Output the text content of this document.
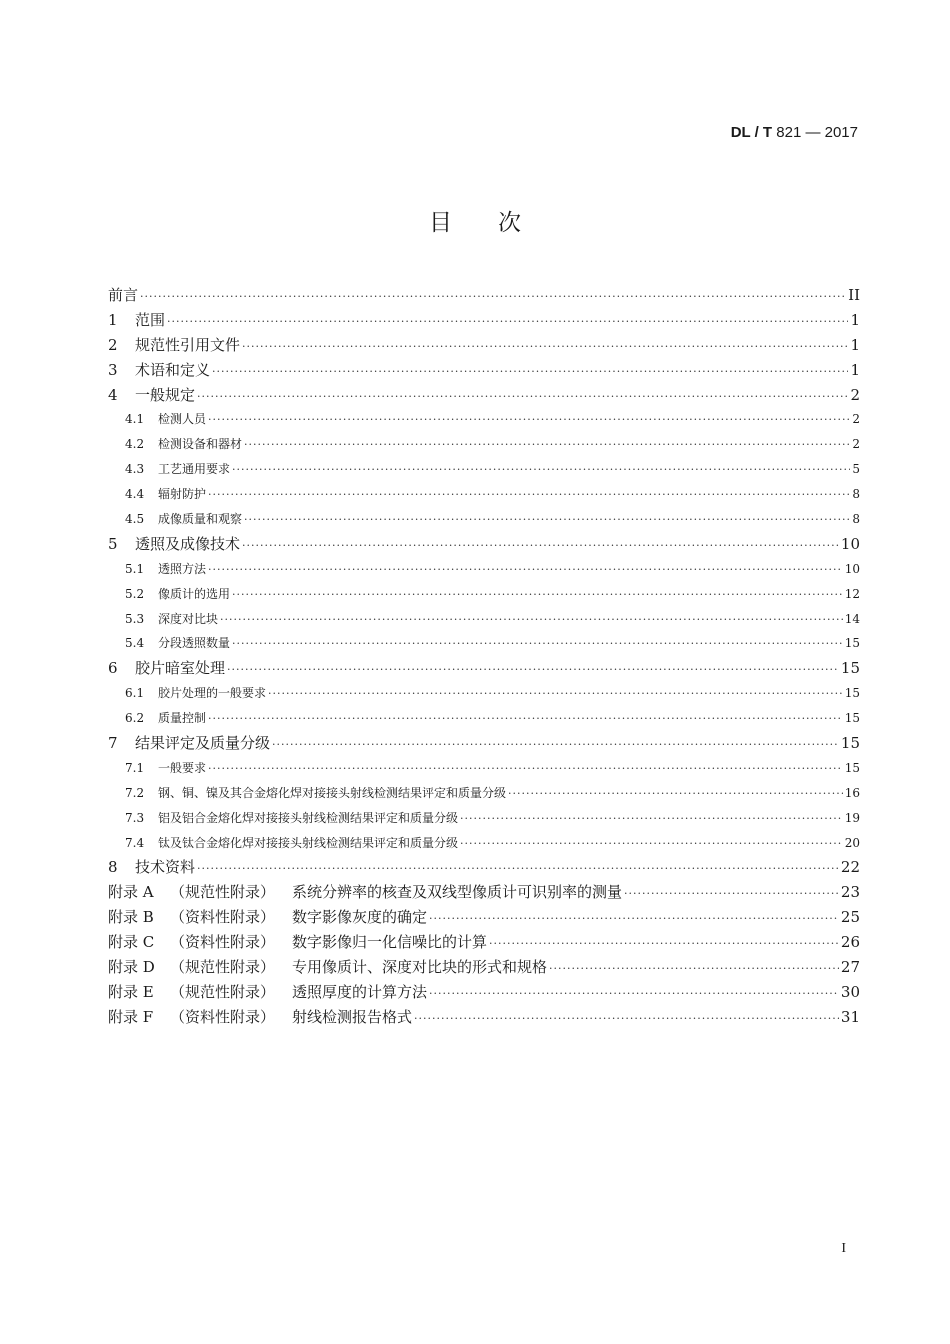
DL / T 821 — 2017
目次
前言 ·····	II
1	范围 ·····	1
2	规范性引用文件 ·····	1
3	术语和定义 ·····	1
4	一般规定 ·····	2
4.1	检测人员 ·····	2
4.2	检测设备和器材 ·····	2
4.3	工艺通用要求 ·····	5
4.4	辐射防护 ·····	8
4.5	成像质量和观察 ·····	8
5	透照及成像技术 ·····	10
5.1	透照方法 ·····	10
5.2	像质计的选用 ·····	12
5.3	深度对比块 ·····	14
5.4	分段透照数量 ·····	15
6	胶片暗室处理 ·····	15
6.1	胶片处理的一般要求 ·····	15
6.2	质量控制 ·····	15
7	结果评定及质量分级 ·····	15
7.1	一般要求 ·····	15
7.2	钢、铜、镍及其合金熔化焊对接接头射线检测结果评定和质量分级 ·····	16
7.3	铝及铝合金熔化焊对接接头射线检测结果评定和质量分级 ·····	19
7.4	钛及钛合金熔化焊对接接头射线检测结果评定和质量分级 ·····	20
8	技术资料 ·····	22
附录 A	（规范性附录）	系统分辨率的核查及双线型像质计可识别率的测量 ·····	23
附录 B	（资料性附录）	数字影像灰度的确定 ·····	25
附录 C	（资料性附录）	数字影像归一化信噪比的计算 ·····	26
附录 D	（规范性附录）	专用像质计、深度对比块的形式和规格 ·····	27
附录 E	（规范性附录）	透照厚度的计算方法 ·····	30
附录 F	（资料性附录）	射线检测报告格式 ·····	31
I
